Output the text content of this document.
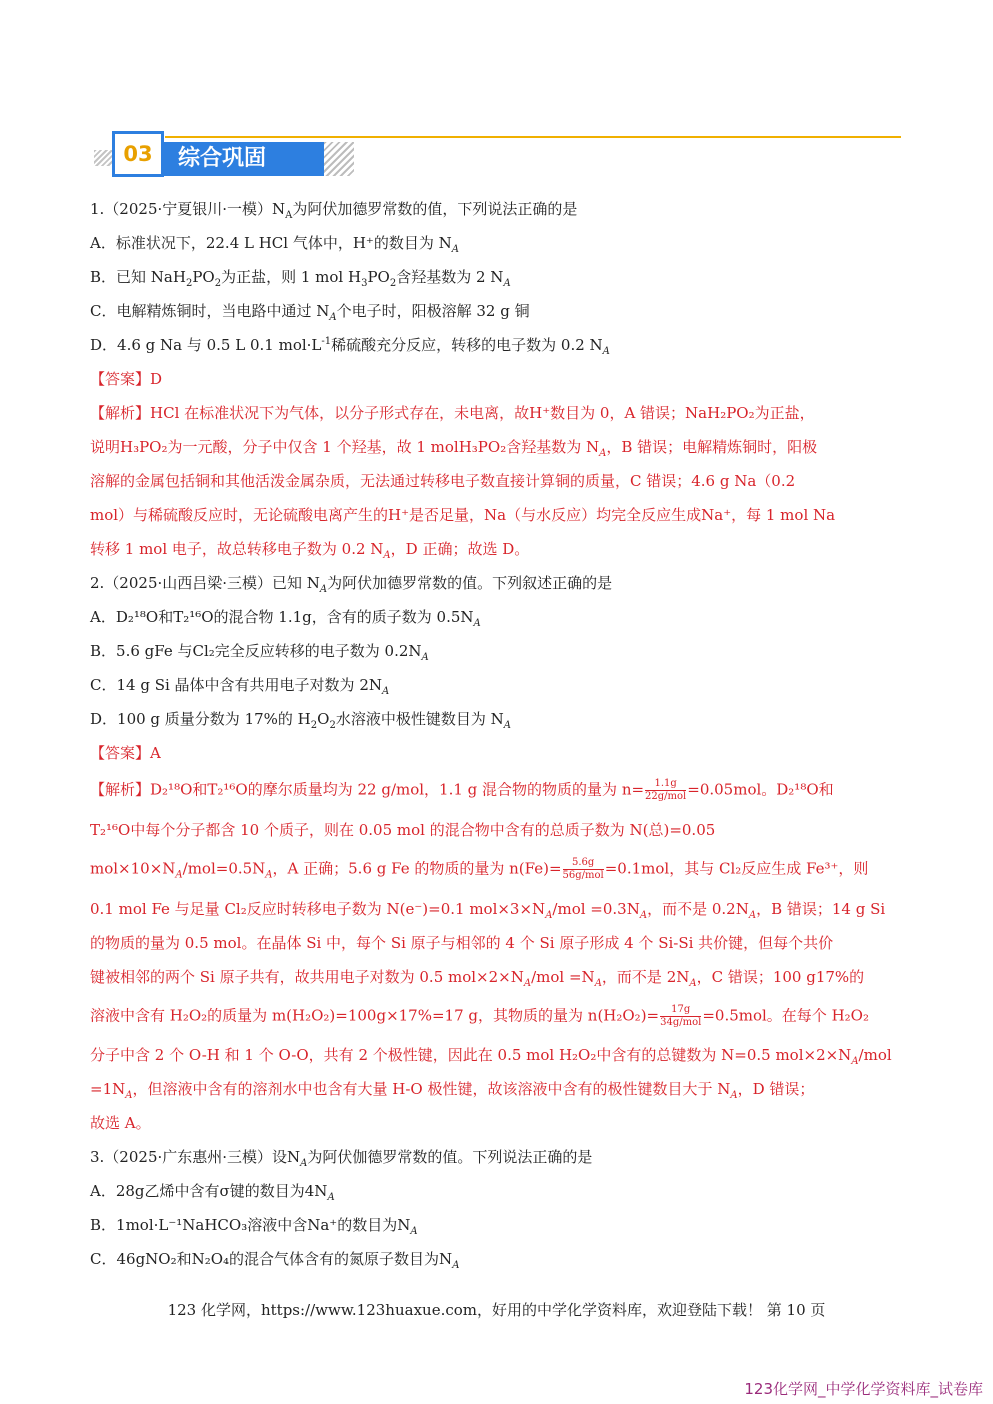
综合巩固
03
1.（2025·宁夏银川·一模）$N_A$为阿伏加德罗常数的值，下列说法正确的是
A．标准状况下，22.4 L HCl 气体中，H⁺的数目为 $N_A$
B．已知 $NaH_2PO_2$为正盐，则 1 mol $H_3PO_2$含羟基数为 2 $N_A$
C．电解精炼铜时，当电路中通过 $N_A$个电子时，阳极溶解 32 g 铜
D．4.6 g Na 与 0.5 L 0.1 $mol\cdot L^{-1}$稀硫酸充分反应，转移的电子数为 0.2 $N_A$
【答案】D
【解析】HCl 在标准状况下为气体，以分子形式存在，未电离，故H⁺数目为 0，A 错误；NaH₂PO₂为正盐，
说明H₃PO₂为一元酸，分子中仅含 1 个羟基，故 1 molH₃PO₂含羟基数为 $N_A$，B 错误；电解精炼铜时，阳极
溶解的金属包括铜和其他活泼金属杂质，无法通过转移电子数直接计算铜的质量，C 错误；4.6 g Na（0.2
mol）与稀硫酸反应时，无论硫酸电离产生的H⁺是否足量，Na（与水反应）均完全反应生成Na⁺，每 1 mol Na
转移 1 mol 电子，故总转移电子数为 0.2 $N_A$，D 正确；故选 D。
2.（2025·山西吕梁·三模）已知 $N_A$为阿伏加德罗常数的值。下列叙述正确的是
A．D₂¹⁸O和T₂¹⁶O的混合物 1.1g，含有的质子数为 $0.5N_A$
B．5.6 gFe 与Cl₂完全反应转移的电子数为 $0.2N_A$
C．14 g Si 晶体中含有共用电子对数为 $2N_A$
D．100 g 质量分数为 17%的 $H_2O_2$水溶液中极性键数目为 $N_A$
【答案】A
【解析】D₂¹⁸O和T₂¹⁶O的摩尔质量均为 22 g/mol，1.1 g 混合物的物质的量为 $n= \frac{1.1g}{\text{22g/mol}} =0.05mol$。D₂¹⁸O和
T₂¹⁶O中每个分子都含 10 个质子，则在 0.05 mol 的混合物中含有的总质子数为 N(总)=0.05
$mol\times 10\times N_A/mol=0.5N_A$，A 正确；5.6 g Fe 的物质的量为 $n(Fe)= \frac{5.6g}{\text{56g/mol}} =0.1mol$，其与 Cl₂反应生成 Fe³⁺，则
0.1 mol Fe 与足量 Cl₂反应时转移电子数为 N(e⁻)=0.1 $mol\times 3\times N_A$/mol $=0.3N_A$，而不是 $0.2N_A$，B 错误；14 g Si
的物质的量为 0.5 mol。在晶体 Si 中，每个 Si 原子与相邻的 4 个 Si 原子形成 4 个 Si-Si 共价键，但每个共价
键被相邻的两个 Si 原子共有，故共用电子对数为 0.5 $mol\times 2\times N_A$/mol $=N_A$，而不是 $2N_A$，C 错误；100 g17%的
溶液中含有 H₂O₂的质量为 m(H₂O₂)=100g×17%=17 g，其物质的量为 $n(H_2O_2)= \frac{17g}{\text{34g/mol}} =0.5mol$。在每个 H₂O₂
分子中含 2 个 O-H 和 1 个 O-O，共有 2 个极性键，因此在 0.5 mol H₂O₂中含有的总键数为 N=0.5 $mol\times 2\times N_A$/mol
$=1N_A$，但溶液中含有的溶剂水中也含有大量 H-O 极性键，故该溶液中含有的极性键数目大于 $N_A$，D 错误；
故选 A。
3.（2025·广东惠州·三模）设$N_A$为阿伏伽德罗常数的值。下列说法正确的是
A．28g乙烯中含有σ键的数目为$4N_A$
B．1mol·L⁻¹NaHCO₃溶液中含Na⁺的数目为$N_A$
C．46gNO₂和N₂O₄的混合气体含有的氮原子数目为$N_A$
123 化学网，https://www.123huaxue.com，好用的中学化学资料库，欢迎登陆下载！ 第 10 页
123化学网_中学化学资料库_试卷库
